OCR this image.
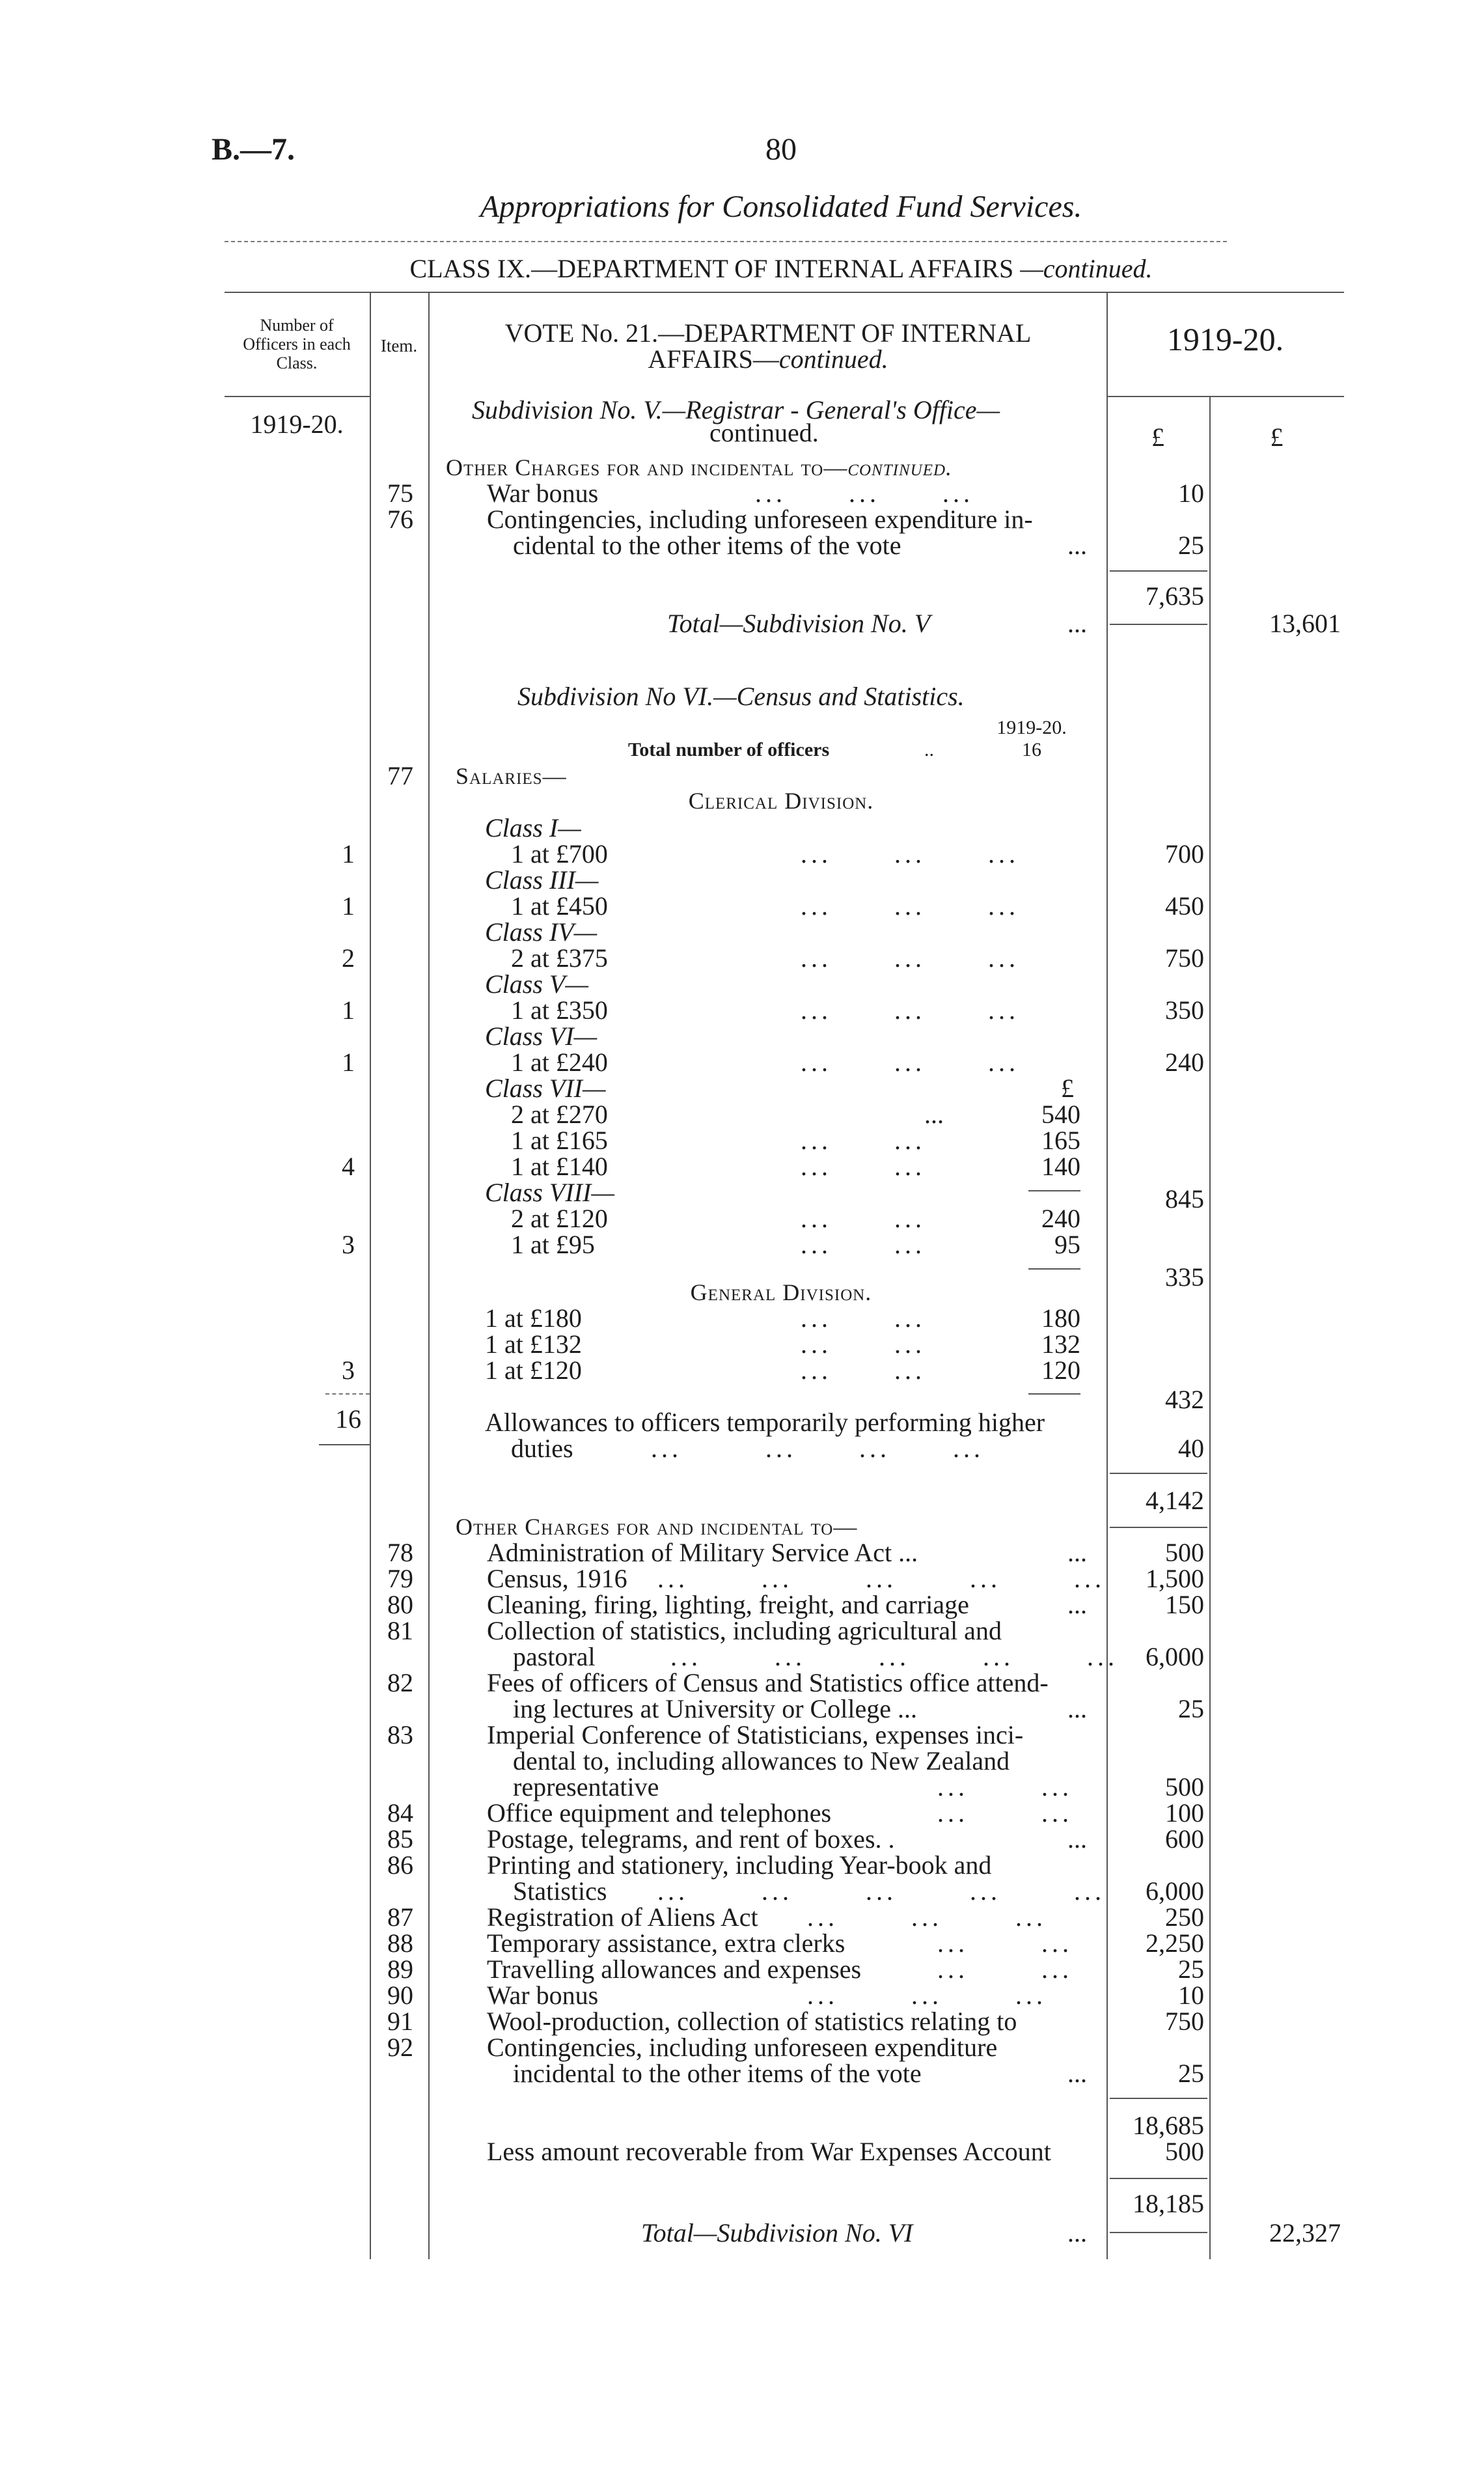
B.—7.	80
Appropriations for Consolidated Fund Services.
CLASS IX.—DEPARTMENT OF INTERNAL AFFAIRS —continued.
Number of
Officers in each
Class.
Item.	VOTE No. 21.—DEPARTMENT OF INTERNAL
AFFAIRS—continued.
1919-20.
1919-20.	£	£
Subdivision No. V.—Registrar - General's Office—
continued.
Other Charges for and incidental to—continued.
75	War bonus	...      ...      ...	10
76	Contingencies, including unforeseen expenditure in-
cidental to the other items of the vote	...	25
7,635
Total—Subdivision No. V	...	13,601
Subdivision No VI.—Census and Statistics.
1919-20.
Total number of officers	..	16
77	Salaries—
Clerical Division.
Class I—
1	1 at £700	...      ...      ...	700
Class III—
1	1 at £450	...      ...      ...	450
Class IV—
2	2 at £375	...      ...      ...	750
Class V—
1	1 at £350	...      ...      ...	350
Class VI—
1	1 at £240	...      ...      ...	240
Class VII—	£
2 at £270	...	540
1 at £165	...      ...	165
4	1 at £140	...      ...	140
845
Class VIII—
2 at £120	...      ...	240
3	1 at £95	...      ...	95
335
General Division.
1 at £180	...      ...	180
1 at £132	...      ...	132
3	1 at £120	...      ...	120
432
16	Allowances to officers temporarily performing higher
duties	...        ...      ...      ...	40
4,142
Other Charges for and incidental to—
78	Administration of Military Service Act ...	...	500
79	Census, 1916 ...       ...       ...       ...       ...	1,500
80	Cleaning, firing, lighting, freight, and carriage	...	150
81	Collection of statistics, including agricultural and
pastoral	...       ...       ...       ...       ...	6,000
82	Fees of officers of Census and Statistics office attend-
ing lectures at University or College ...	...	25
83	Imperial Conference of Statisticians, expenses inci-
dental to, including allowances to New Zealand
representative	...       ...	500
84	Office equipment and telephones	...       ...	100
85	Postage, telegrams, and rent of boxes. .	...	600
86	Printing and stationery, including Year-book and
Statistics ...       ...       ...       ...       ...	6,000
87	Registration of Aliens Act ...       ...       ...	250
88	Temporary assistance, extra clerks	...       ...	2,250
89	Travelling allowances and expenses	...       ...	25
90	War bonus	...       ...       ...	10
91	Wool-production, collection of statistics relating to	750
92	Contingencies, including unforeseen expenditure
incidental to the other items of the vote	...	25
18,685
Less amount recoverable from War Expenses Account	500
18,185
Total—Subdivision No. VI	...	22,327
